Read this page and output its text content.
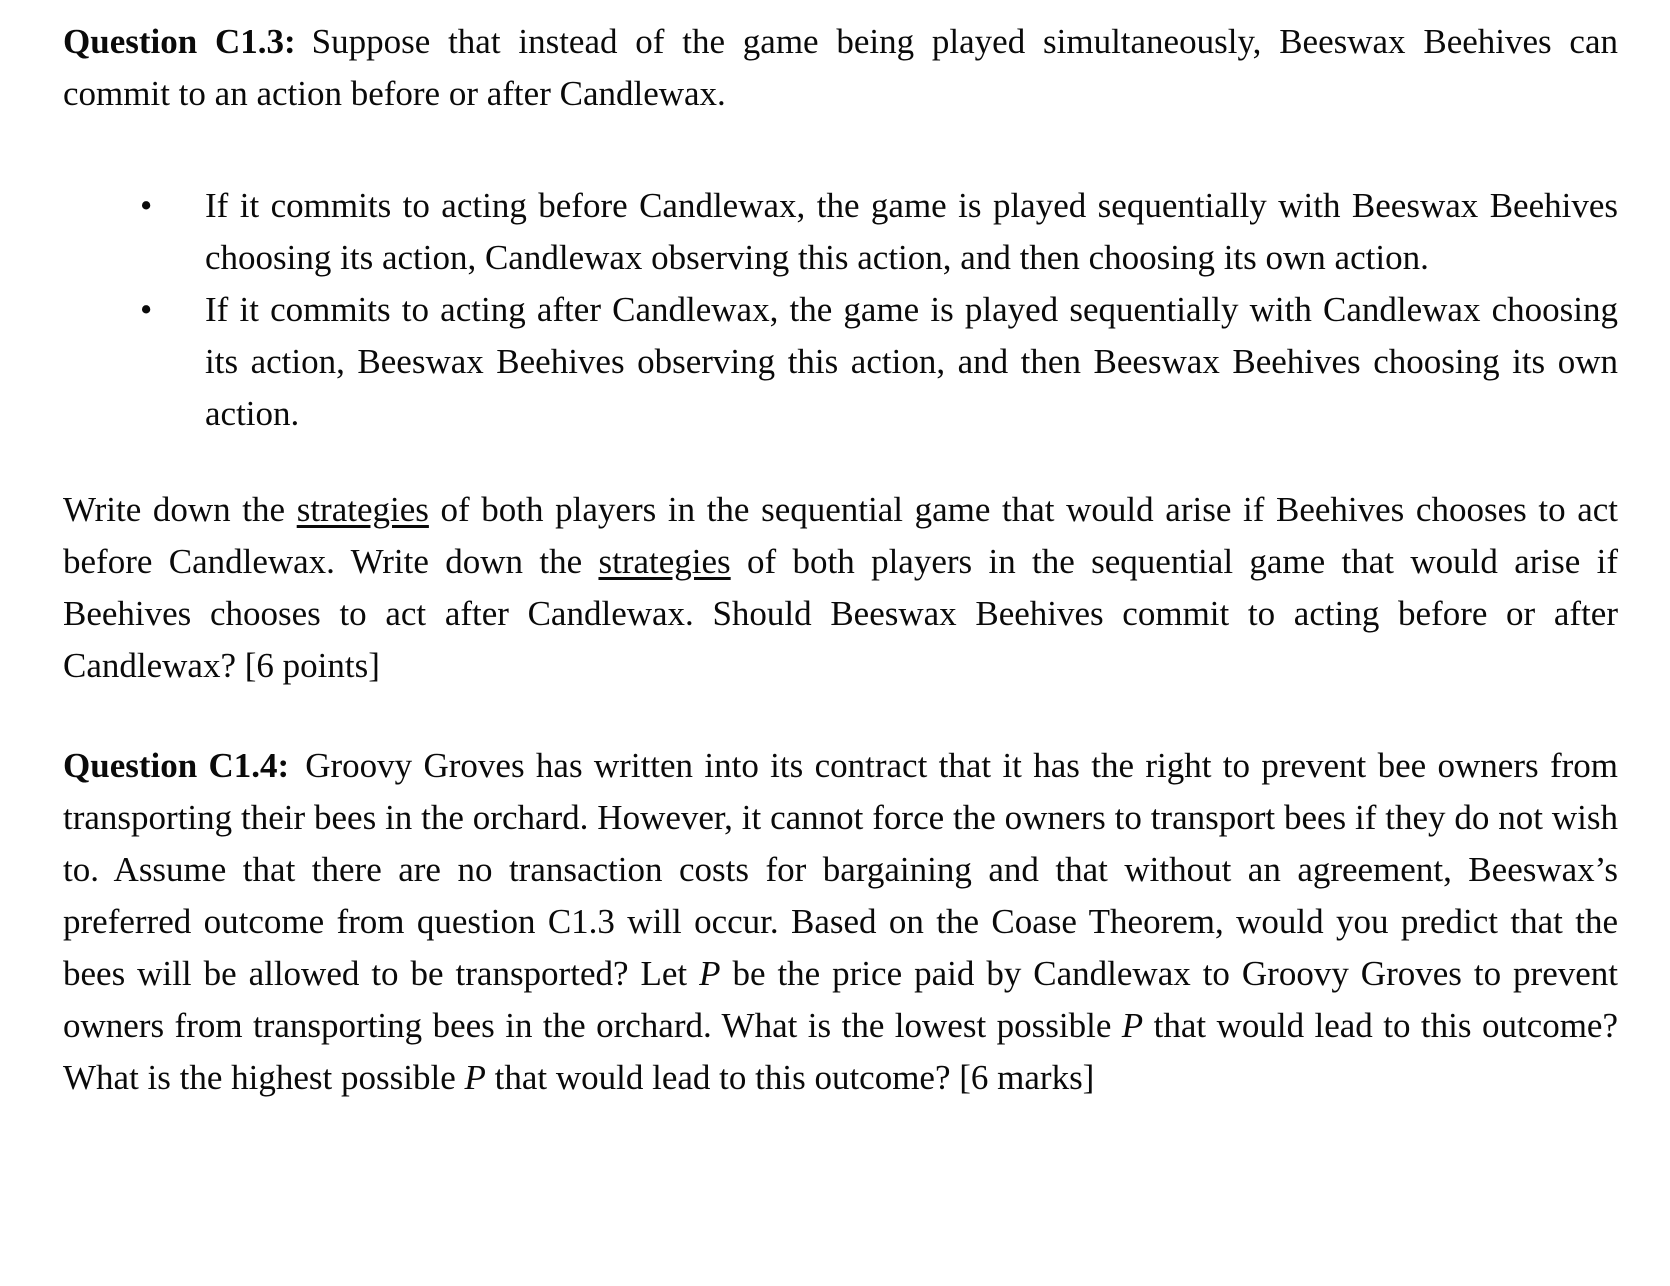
Question C1.3: Suppose that instead of the game being played simultaneously, Beeswax Beehives can commit to an action before or after Candlewax.

• If it commits to acting before Candlewax, the game is played sequentially with Beeswax Beehives choosing its action, Candlewax observing this action, and then choosing its own action.

• If it commits to acting after Candlewax, the game is played sequentially with Candlewax choosing its action, Beeswax Beehives observing this action, and then Beeswax Beehives choosing its own action.

Write down the strategies of both players in the sequential game that would arise if Beehives chooses to act before Candlewax. Write down the strategies of both players in the sequential game that would arise if Beehives chooses to act after Candlewax. Should Beeswax Beehives commit to acting before or after Candlewax? [6 points]

Question C1.4: Groovy Groves has written into its contract that it has the right to prevent bee owners from transporting their bees in the orchard. However, it cannot force the owners to transport bees if they do not wish to. Assume that there are no transaction costs for bargaining and that without an agreement, Beeswax’s preferred outcome from question C1.3 will occur. Based on the Coase Theorem, would you predict that the bees will be allowed to be transported? Let P be the price paid by Candlewax to Groovy Groves to prevent owners from transporting bees in the orchard. What is the lowest possible P that would lead to this outcome? What is the highest possible P that would lead to this outcome? [6 marks]
